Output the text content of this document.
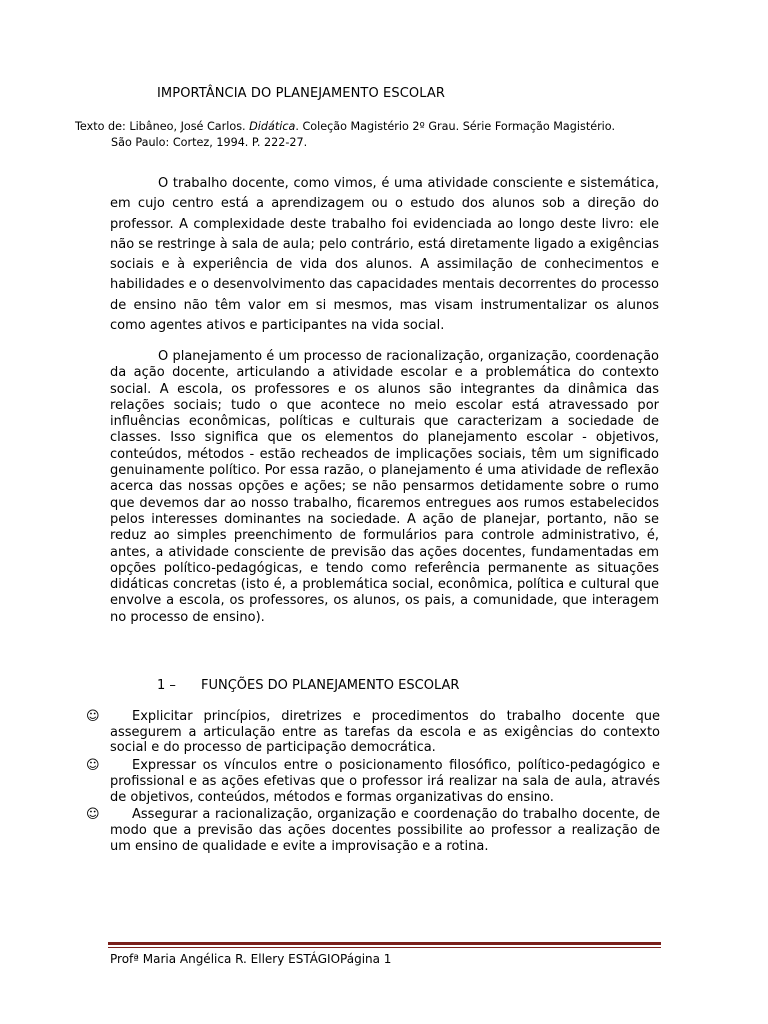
IMPORTÂNCIA DO PLANEJAMENTO ESCOLAR
Texto de: Libâneo, José Carlos. Didática. Coleção Magistério 2º Grau. Série Formação Magistério.
São Paulo: Cortez, 1994. P. 222-27.

O trabalho docente, como vimos, é uma atividade consciente e sistemática, em cujo centro está a aprendizagem ou o estudo dos alunos sob a direção do professor. A complexidade deste trabalho foi evidenciada ao longo deste livro: ele não se restringe à sala de aula; pelo contrário, está diretamente ligado a exigências sociais e à experiência de vida dos alunos. A assimilação de conhecimentos e habilidades e o desenvolvimento das capacidades mentais decorrentes do processo de ensino não têm valor em si mesmos, mas visam instrumentalizar os alunos como agentes ativos e participantes na vida social.

O planejamento é um processo de racionalização, organização, coordenação da ação docente, articulando a atividade escolar e a problemática do contexto social. A escola, os professores e os alunos são integrantes da dinâmica das relações sociais; tudo o que acontece no meio escolar está atravessado por influências econômicas, políticas e culturais que caracterizam a sociedade de classes. Isso significa que os elementos do planejamento escolar - objetivos, conteúdos, métodos - estão recheados de implicações sociais, têm um significado genuinamente político. Por essa razão, o planejamento é uma atividade de reflexão acerca das nossas opções e ações; se não pensarmos detidamente sobre o rumo que devemos dar ao nosso trabalho, ficaremos entregues aos rumos estabelecidos pelos interesses dominantes na sociedade. A ação de planejar, portanto, não se reduz ao simples preenchimento de formulários para controle administrativo, é, antes, a atividade consciente de previsão das ações docentes, fundamentadas em opções político-pedagógicas, e tendo como referência permanente as situações didáticas concretas (isto é, a problemática social, econômica, política e cultural que envolve a escola, os professores, os alunos, os pais, a comunidade, que interagem no processo de ensino).

1 – FUNÇÕES DO PLANEJAMENTO ESCOLAR
☺ Explicitar princípios, diretrizes e procedimentos do trabalho docente que assegurem a articulação entre as tarefas da escola e as exigências do contexto social e do processo de participação democrática.
☺ Expressar os vínculos entre o posicionamento filosófico, político-pedagógico e profissional e as ações efetivas que o professor irá realizar na sala de aula, através de objetivos, conteúdos, métodos e formas organizativas do ensino.
☺ Assegurar a racionalização, organização e coordenação do trabalho docente, de modo que a previsão das ações docentes possibilite ao professor a realização de um ensino de qualidade e evite a improvisação e a rotina.
Profª Maria Angélica R. Ellery ESTÁGIOPágina 1
